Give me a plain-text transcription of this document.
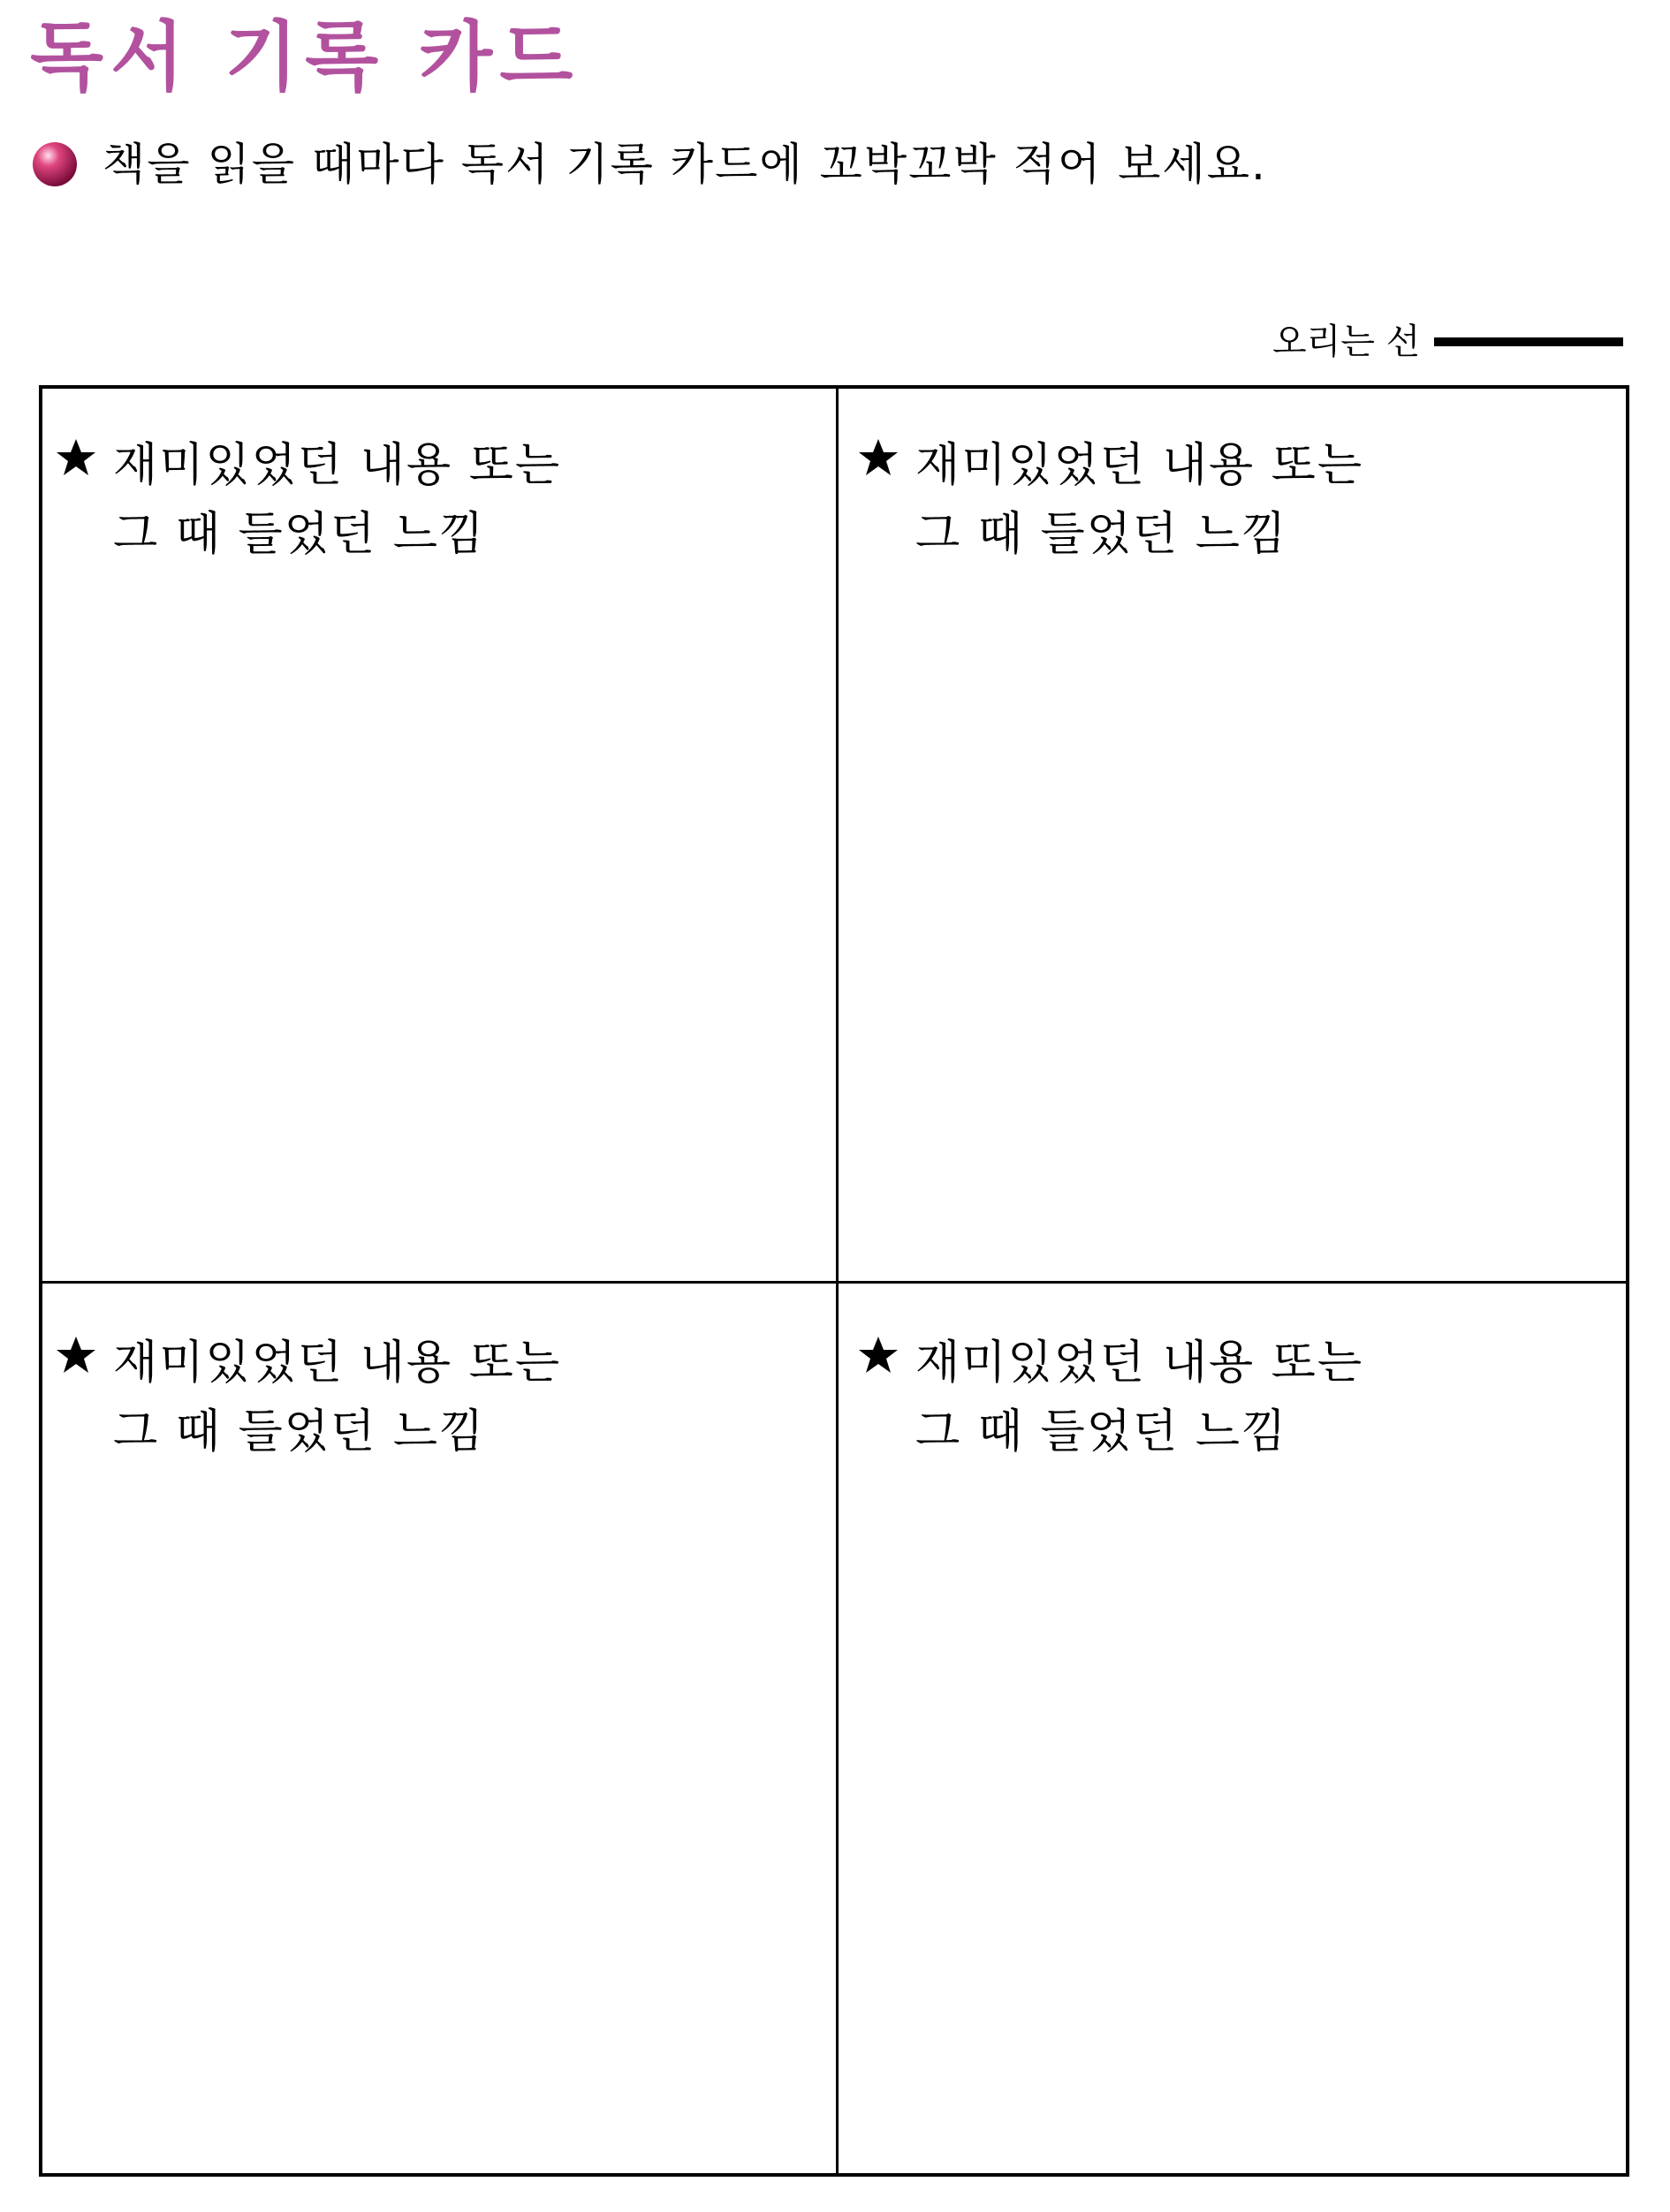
독서 기록 카드
책을 읽을 때마다 독서 기록 카드에 꼬박꼬박 적어 보세요.
오리는 선
재미있었던 내용 또는
그 때 들었던 느낌
재미있었던 내용 또는
그 때 들었던 느낌
재미있었던 내용 또는
그 때 들었던 느낌
재미있었던 내용 또는
그 때 들었던 느낌
